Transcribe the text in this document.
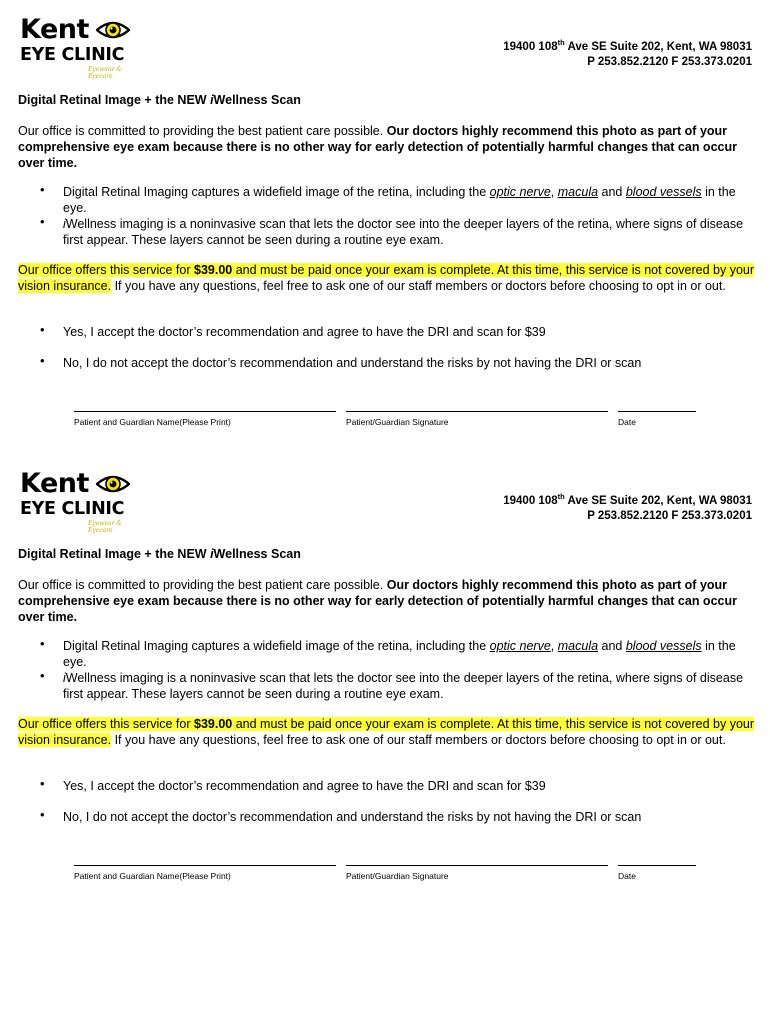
Kent
EYE CLINIC
Eyewear & Eyecare
19400 108th Ave SE Suite 202, Kent, WA 98031
P 253.852.2120 F 253.373.0201
Digital Retinal Image + the NEW iWellness Scan
Our office is committed to providing the best patient care possible. Our doctors highly recommend this photo as part of your comprehensive eye exam because there is no other way for early detection of potentially harmful changes that can occur over time.
• Digital Retinal Imaging captures a widefield image of the retina, including the optic nerve, macula and blood vessels in the eye.
• iWellness imaging is a noninvasive scan that lets the doctor see into the deeper layers of the retina, where signs of disease first appear. These layers cannot be seen during a routine eye exam.
Our office offers this service for $39.00 and must be paid once your exam is complete. At this time, this service is not covered by your vision insurance. If you have any questions, feel free to ask one of our staff members or doctors before choosing to opt in or out.
• Yes, I accept the doctor’s recommendation and agree to have the DRI and scan for $39
• No, I do not accept the doctor’s recommendation and understand the risks by not having the DRI or scan
Patient and Guardian Name(Please Print)	Patient/Guardian Signature	Date
Kent
EYE CLINIC
Eyewear & Eyecare
19400 108th Ave SE Suite 202, Kent, WA 98031
P 253.852.2120 F 253.373.0201
Digital Retinal Image + the NEW iWellness Scan
Our office is committed to providing the best patient care possible. Our doctors highly recommend this photo as part of your comprehensive eye exam because there is no other way for early detection of potentially harmful changes that can occur over time.
• Digital Retinal Imaging captures a widefield image of the retina, including the optic nerve, macula and blood vessels in the eye.
• iWellness imaging is a noninvasive scan that lets the doctor see into the deeper layers of the retina, where signs of disease first appear. These layers cannot be seen during a routine eye exam.
Our office offers this service for $39.00 and must be paid once your exam is complete. At this time, this service is not covered by your vision insurance. If you have any questions, feel free to ask one of our staff members or doctors before choosing to opt in or out.
• Yes, I accept the doctor’s recommendation and agree to have the DRI and scan for $39
• No, I do not accept the doctor’s recommendation and understand the risks by not having the DRI or scan
Patient and Guardian Name(Please Print)	Patient/Guardian Signature	Date
